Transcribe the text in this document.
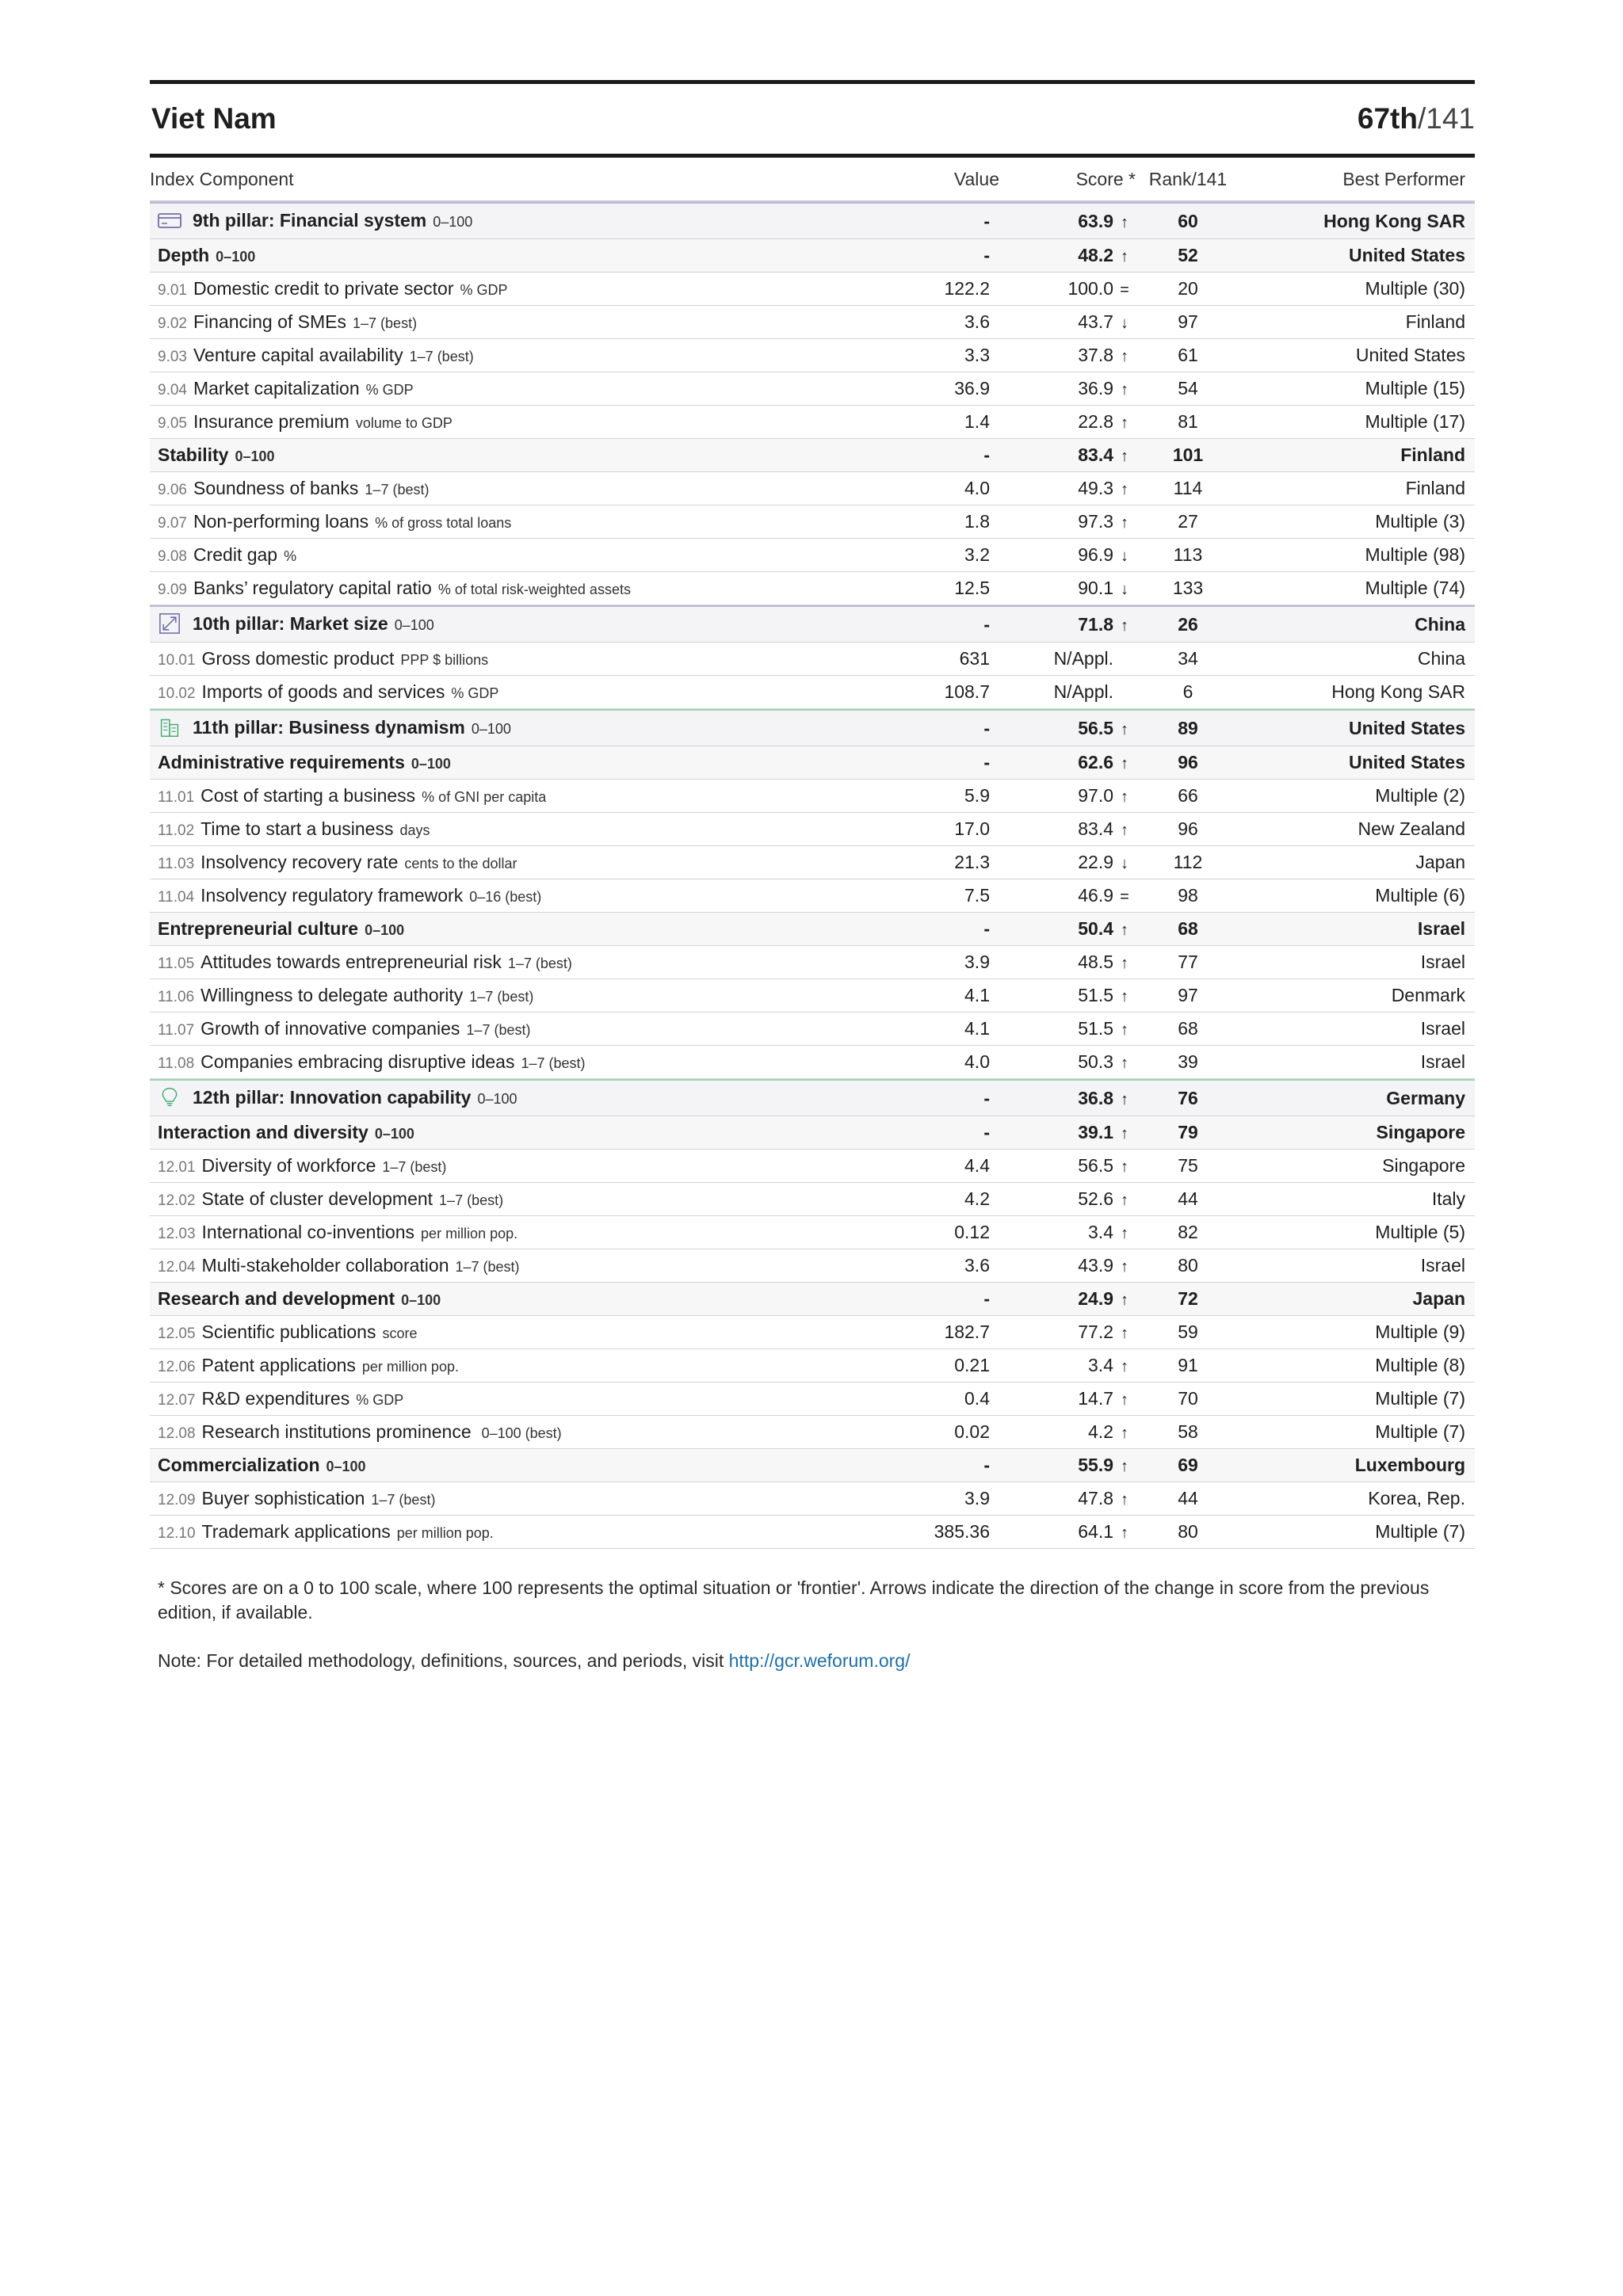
Viet Nam	67th/141
Index Component	Value	Score * Rank/141	Best Performer
9th pillar: Financial system 0–100	-	63.9 ↑	60	Hong Kong SAR
Depth 0–100	-	48.2 ↑	52	United States
9.01 Domestic credit to private sector % GDP	122.2	100.0 =	20	Multiple (30)
9.02 Financing of SMEs 1–7 (best)	3.6	43.7 ↓	97	Finland
9.03 Venture capital availability 1–7 (best)	3.3	37.8 ↑	61	United States
9.04 Market capitalization % GDP	36.9	36.9 ↑	54	Multiple (15)
9.05 Insurance premium volume to GDP	1.4	22.8 ↑	81	Multiple (17)
Stability 0–100	-	83.4 ↑	101	Finland
9.06 Soundness of banks 1–7 (best)	4.0	49.3 ↑	114	Finland
9.07 Non-performing loans % of gross total loans	1.8	97.3 ↑	27	Multiple (3)
9.08 Credit gap %	3.2	96.9 ↓	113	Multiple (98)
9.09 Banks’ regulatory capital ratio % of total risk-weighted assets	12.5	90.1 ↓	133	Multiple (74)
10th pillar: Market size 0–100	-	71.8 ↑	26	China
10.01 Gross domestic product PPP $ billions	631	N/Appl.	34	China
10.02 Imports of goods and services % GDP	108.7	N/Appl.	6	Hong Kong SAR
11th pillar: Business dynamism 0–100	-	56.5 ↑	89	United States
Administrative requirements 0–100	-	62.6 ↑	96	United States
11.01 Cost of starting a business % of GNI per capita	5.9	97.0 ↑	66	Multiple (2)
11.02 Time to start a business days	17.0	83.4 ↑	96	New Zealand
11.03 Insolvency recovery rate cents to the dollar	21.3	22.9 ↓	112	Japan
11.04 Insolvency regulatory framework 0–16 (best)	7.5	46.9 =	98	Multiple (6)
Entrepreneurial culture 0–100	-	50.4 ↑	68	Israel
11.05 Attitudes towards entrepreneurial risk 1–7 (best)	3.9	48.5 ↑	77	Israel
11.06 Willingness to delegate authority 1–7 (best)	4.1	51.5 ↑	97	Denmark
11.07 Growth of innovative companies 1–7 (best)	4.1	51.5 ↑	68	Israel
11.08 Companies embracing disruptive ideas 1–7 (best)	4.0	50.3 ↑	39	Israel
12th pillar: Innovation capability 0–100	-	36.8 ↑	76	Germany
Interaction and diversity 0–100	-	39.1 ↑	79	Singapore
12.01 Diversity of workforce 1–7 (best)	4.4	56.5 ↑	75	Singapore
12.02 State of cluster development 1–7 (best)	4.2	52.6 ↑	44	Italy
12.03 International co-inventions per million pop.	0.12	3.4 ↑	82	Multiple (5)
12.04 Multi-stakeholder collaboration 1–7 (best)	3.6	43.9 ↑	80	Israel
Research and development 0–100	-	24.9 ↑	72	Japan
12.05 Scientific publications score	182.7	77.2 ↑	59	Multiple (9)
12.06 Patent applications per million pop.	0.21	3.4 ↑	91	Multiple (8)
12.07 R&D expenditures % GDP	0.4	14.7 ↑	70	Multiple (7)
12.08 Research institutions prominence 0–100 (best)	0.02	4.2 ↑	58	Multiple (7)
Commercialization 0–100	-	55.9 ↑	69	Luxembourg
12.09 Buyer sophistication 1–7 (best)	3.9	47.8 ↑	44	Korea, Rep.
12.10 Trademark applications per million pop.	385.36	64.1 ↑	80	Multiple (7)

* Scores are on a 0 to 100 scale, where 100 represents the optimal situation or 'frontier'. Arrows indicate the direction of the change in score from the previous edition, if available.

Note: For detailed methodology, definitions, sources, and periods, visit http://gcr.weforum.org/
